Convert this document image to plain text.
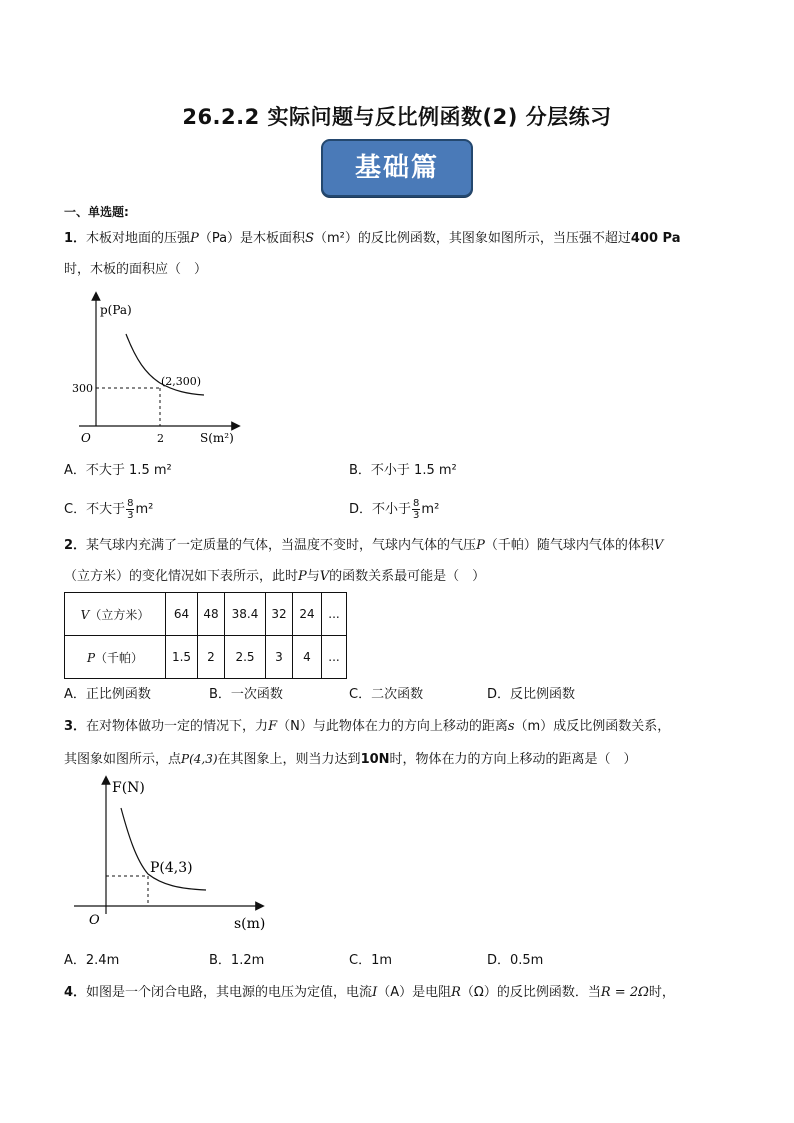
26.2.2 实际问题与反比例函数(2) 分层练习
基础篇
一、单选题:
1．木板对地面的压强P（Pa）是木板面积S（m²）的反比例函数，其图象如图所示，当压强不超过400 Pa
时，木板的面积应（　）
p(Pa)
S(m²)
O
300
2
(2,300)
A．不大于 1.5 m²	B．不小于 1.5 m²
C．不大于 $\frac{8}{3} m^2$	D．不小于 $\frac{8}{3} m^2$
2．某气球内充满了一定质量的气体，当温度不变时，气球内气体的气压P（千帕）随气球内气体的体积V
（立方米）的变化情况如下表所示，此时P与V的函数关系最可能是（　）
V（立方米）	64	48	38.4	32	24	...
P（千帕）	1.5	2	2.5	3	4	...
A．正比例函数	B．一次函数	C．二次函数	D．反比例函数
3．在对物体做功一定的情况下，力F（N）与此物体在力的方向上移动的距离s（m）成反比例函数关系，
其图象如图所示，点P(4,3)在其图象上，则当力达到10N时，物体在力的方向上移动的距离是（　）
F(N)
s(m)
O
P(4,3)
A．2.4m	B．1.2m	C．1m	D．0.5m
4．如图是一个闭合电路，其电源的电压为定值，电流I（A）是电阻R（Ω）的反比例函数．当R = 2Ω时，
